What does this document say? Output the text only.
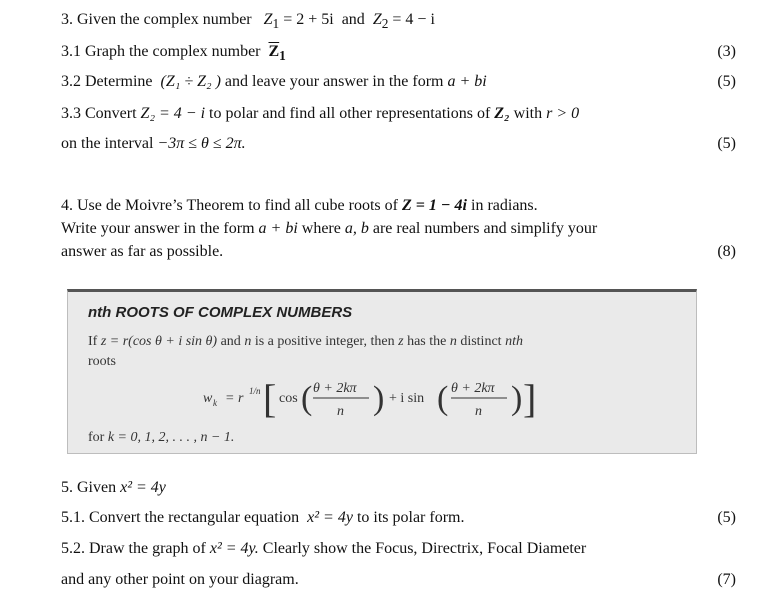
3. Given the complex number $Z_1 = 2 + 5i$ and $Z_2 = 4 - i$
3.1 Graph the complex number $\overline{Z}_1$	(3)
3.2 Determine (Z₁ ÷ Z₂ ) and leave your answer in the form a + bi	(5)
3.3 Convert Z₂ = 4 − i to polar and find all other representations of Z₂ with r > 0
on the interval −3π ≤ θ ≤ 2π.	(5)
4. Use de Moivre’s Theorem to find all cube roots of Z = 1 − 4i in radians.
Write your answer in the form a + bi where a, b are real numbers and simplify your
answer as far as possible.	(8)
nth ROOTS OF COMPLEX NUMBERS
If z = r(cos θ + i sin θ) and n is a positive integer, then z has the n distinct nth
roots
w k = r 1/n [ cos ( θ + 2kπ
n ) + i sin ( θ + 2kπ
n ) ]
for k = 0, 1, 2, . . . , n − 1.
5. Given x² = 4y
5.1. Convert the rectangular equation x² = 4y to its polar form.	(5)
5.2. Draw the graph of x² = 4y. Clearly show the Focus, Directrix, Focal Diameter
and any other point on your diagram.	(7)
